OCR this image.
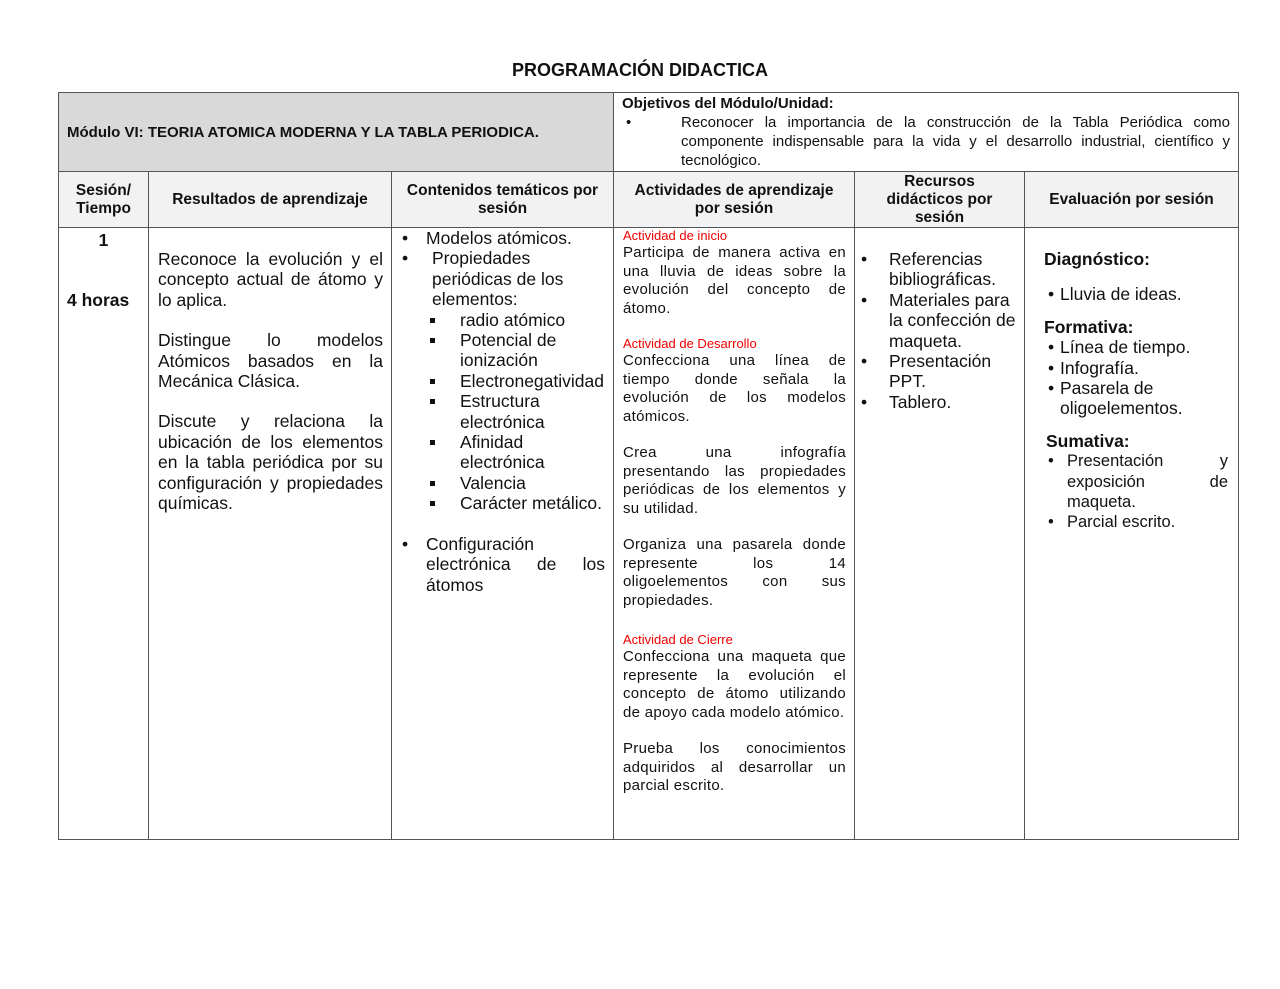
PROGRAMACIÓN DIDACTICA
Módulo VI: TEORIA ATOMICA MODERNA Y LA TABLA PERIODICA.
Objetivos del Módulo/Unidad:
• Reconocer la importancia de la construcción de la Tabla Periódica como componente indispensable para la vida y el desarrollo industrial, científico y tecnológico.
Sesión/ Tiempo
Resultados de aprendizaje
Contenidos temáticos por sesión
Actividades de aprendizaje por sesión
Recursos didácticos por sesión
Evaluación por sesión
1
4 horas

Reconoce la evolución y el concepto actual de átomo y lo aplica.

Distingue lo modelos Atómicos basados en la Mecánica Clásica.

Discute y relaciona la ubicación de los elementos en la tabla periódica por su configuración y propiedades químicas.

• Modelos atómicos.
• Propiedades periódicas de los elementos:
radio atómico
Potencial de ionización
Electronegatividad
Estructura electrónica
Afinidad electrónica
Valencia
Carácter metálico.
• Configuración electrónica de los átomos
Actividad de inicio
Participa de manera activa en una lluvia de ideas sobre la evolución del concepto de átomo.
Actividad de Desarrollo
Confecciona una línea de tiempo donde señala la evolución de los modelos atómicos.
Crea una infografía presentando las propiedades periódicas de los elementos y su utilidad.
Organiza una pasarela donde represente los 14 oligoelementos con sus propiedades.
Actividad de Cierre
Confecciona una maqueta que represente la evolución el concepto de átomo utilizando de apoyo cada modelo atómico.
Prueba los conocimientos adquiridos al desarrollar un parcial escrito.
• Referencias bibliográficas.
• Materiales para la confección de maqueta.
• Presentación PPT.
• Tablero.
Diagnóstico:
• Lluvia de ideas.
Formativa:
• Línea de tiempo.
• Infografía.
• Pasarela de oligoelementos.
Sumativa:
• Presentación y exposición de maqueta.
• Parcial escrito.
